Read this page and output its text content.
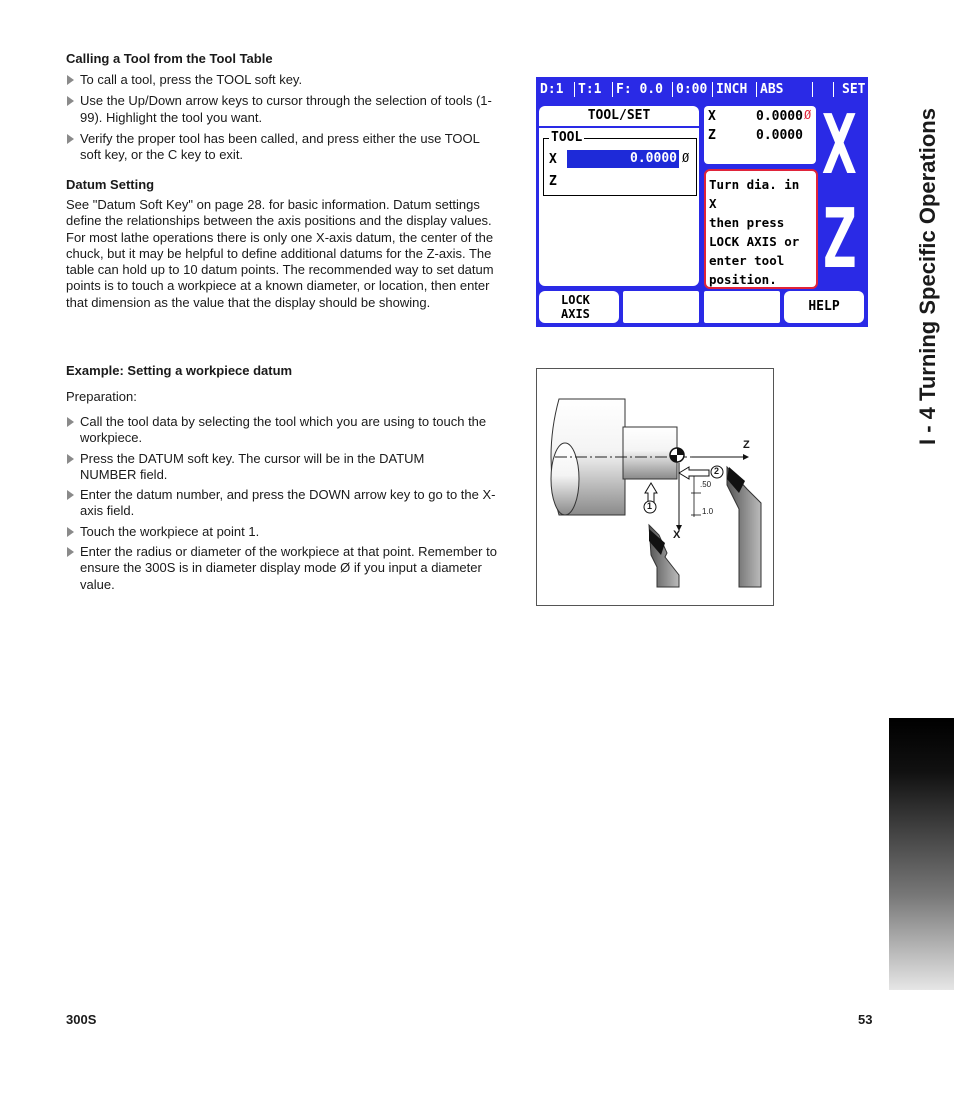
Calling a Tool from the Tool Table
To call a tool, press the TOOL soft key.
Use the Up/Down arrow keys to cursor through the selection of tools (1-99). Highlight the tool you want.
Verify the proper tool has been called, and press either the use TOOL soft key, or the C key to exit.
Datum Setting
See "Datum Soft Key" on page 28. for basic information. Datum settings define the relationships between the axis positions and the display values. For most lathe operations there is only one X-axis datum, the center of the chuck, but it may be helpful to define additional datums for the Z-axis. The table can hold up to 10 datum points. The recommended way to set datum points is to touch a workpiece at a known diameter, or location, then enter that dimension as the value that the display should be showing.
D:1	T:1	F: 0.0	0:00 INCH ABS	SET
TOOL/SET
TOOL
X	0.0000 Ø
Z
X	0.0000 Ø
Z	0.0000
Turn dia. in X
then press
LOCK AXIS or
enter tool
position.
X
Z
LOCK
AXIS	HELP
Example: Setting a workpiece datum
Preparation:
Call the tool data by selecting the tool which you are using to touch the workpiece.
Press the DATUM soft key. The cursor will be in the DATUM NUMBER field.
Enter the datum number, and press the DOWN arrow key to go to the X-axis field.
Touch the workpiece at point 1.
Enter the radius or diameter of the workpiece at that point. Remember to ensure the 300S is in diameter display mode Ø if you input a diameter value.
Z
X
.50
1.0
1
2
I - 4 Turning Specific Operations
300S	53
